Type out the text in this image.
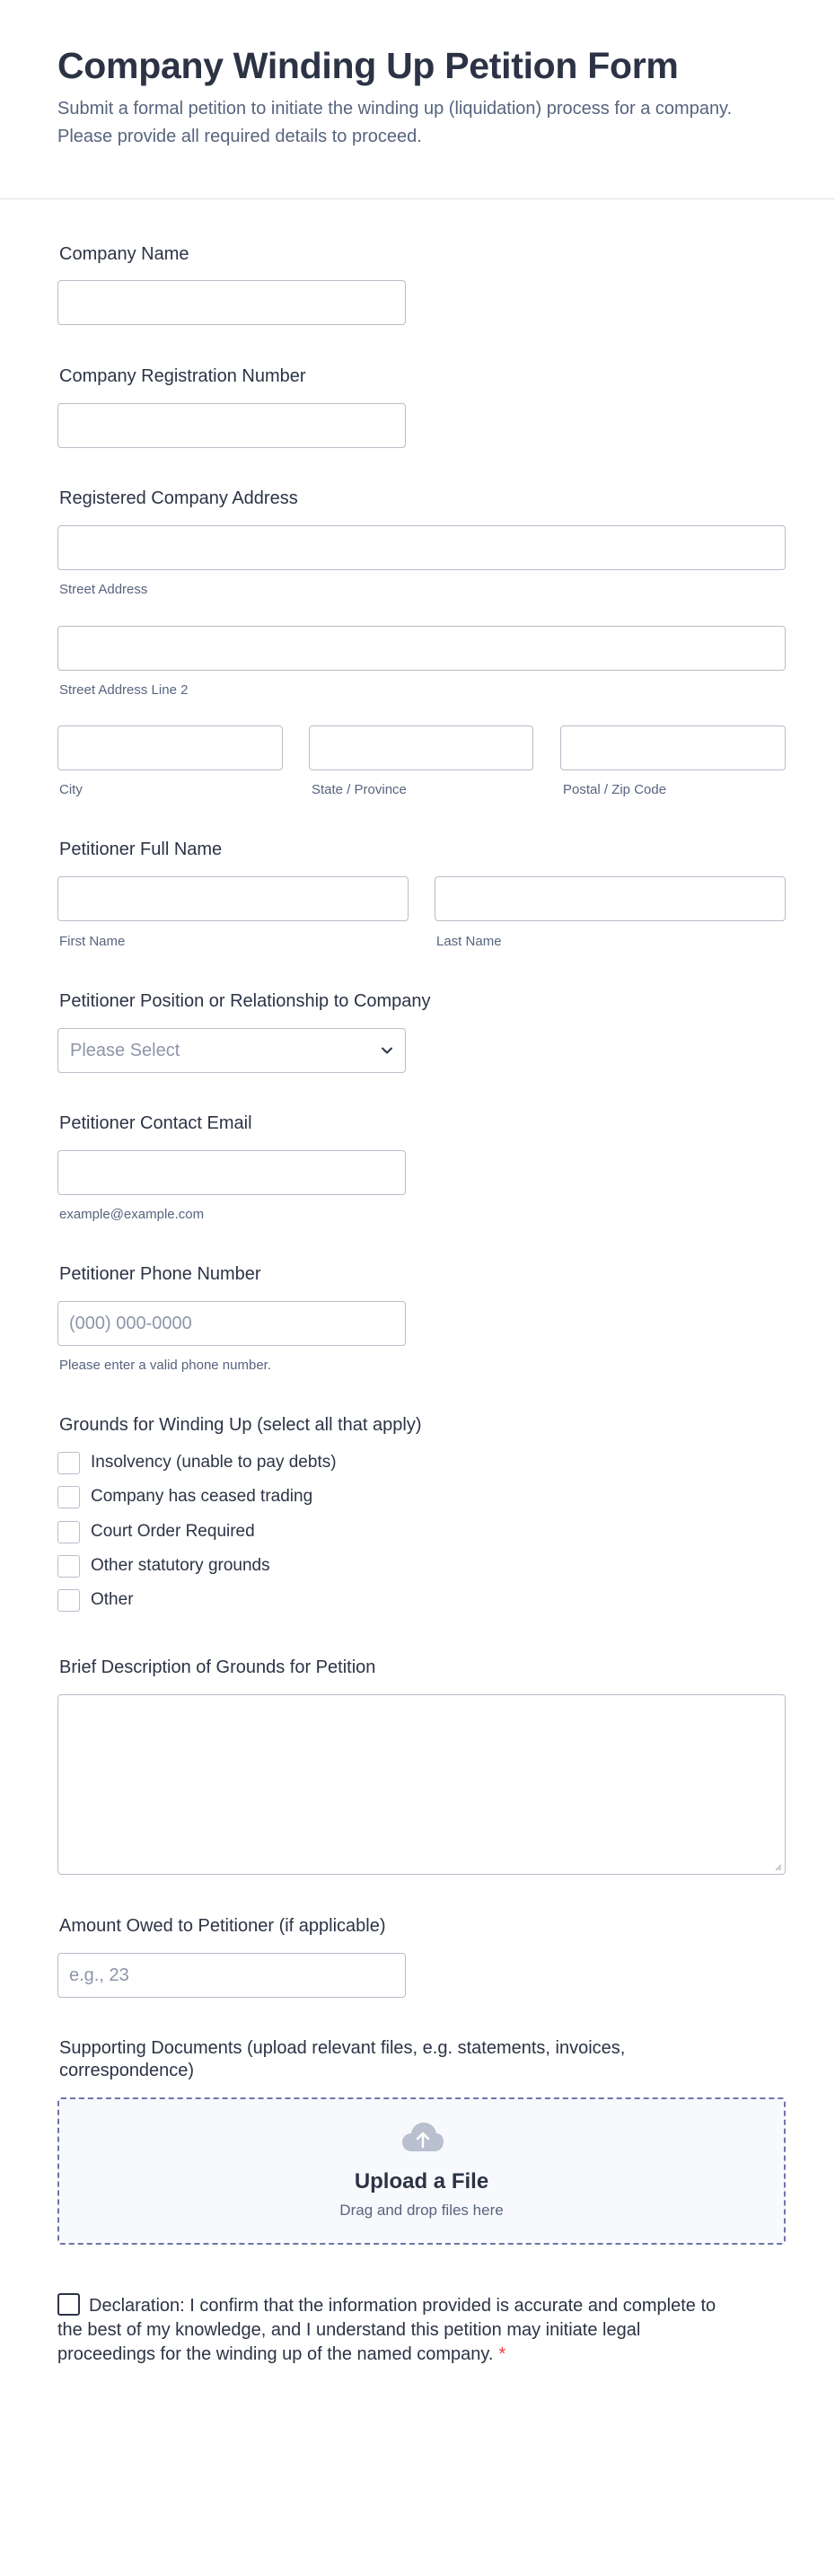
Company Winding Up Petition Form

Submit a formal petition to initiate the winding up (liquidation) process for a company. Please provide all required details to proceed.

Company Name
Company Registration Number
Registered Company Address
Street Address
Street Address Line 2
City	State / Province	Postal / Zip Code
Petitioner Full Name
First Name	Last Name
Petitioner Position or Relationship to Company
Please Select
Petitioner Contact Email
example@example.com
Petitioner Phone Number
(000) 000-0000
Please enter a valid phone number.
Grounds for Winding Up (select all that apply)
Insolvency (unable to pay debts)
Company has ceased trading
Court Order Required
Other statutory grounds
Other
Brief Description of Grounds for Petition
Amount Owed to Petitioner (if applicable)
e.g., 23
Supporting Documents (upload relevant files, e.g. statements, invoices,
correspondence)
Upload a File
Drag and drop files here
Declaration: I confirm that the information provided is accurate and complete to the best of my knowledge, and I understand this petition may initiate legal proceedings for the winding up of the named company. *
